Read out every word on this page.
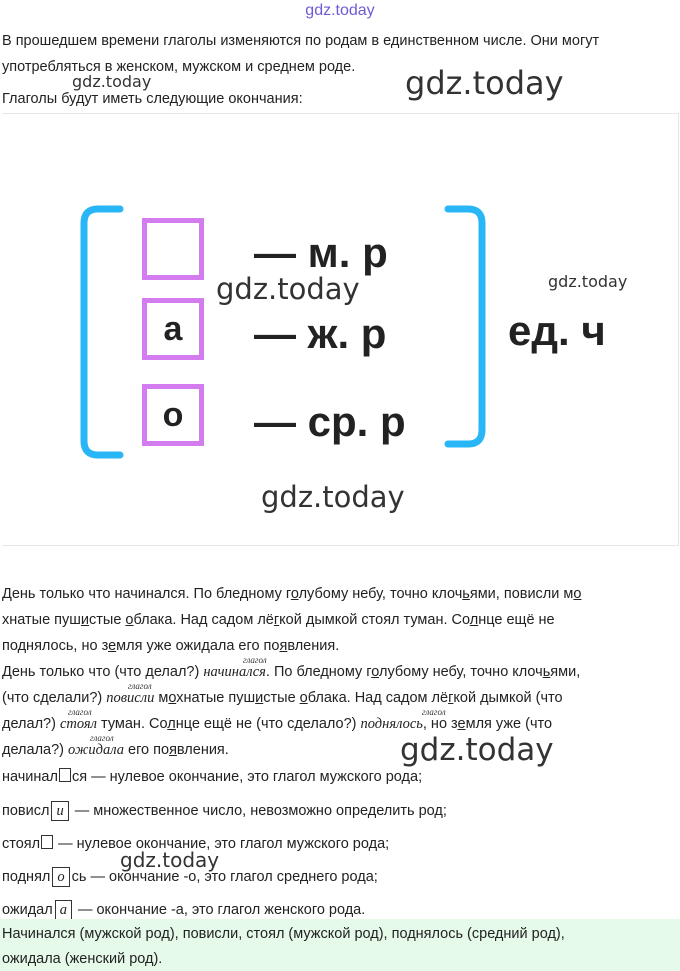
gdz.today
В прошедшем времени глаголы изменяются по родам в единственном числе. Они могут
употребляться в женском, мужском и среднем роде.
Глаголы будут иметь следующие окончания:
gdz.today	gdz.today
— м. р
а	— ж. р
о	— ср. р
ед. ч
gdz.today	gdz.today
gdz.today
День только что начинался. По бледному голубому небу, точно клочьями, повисли мо
хнатые пушистые облака. Над садом лёгкой дымкой стоял туман. Солнце ещё не
поднялось, но земля уже ожидала его появления.
День только что (что делал?) начинался. По бледному голубому небу, точно клочьями,
глагол
(что сделали?) повисли мохнатые пушистые облака. Над садом лёгкой дымкой (что
глагол
делал?) стоял туман. Солнце ещё не (что сделало?) поднялось, но земля уже (что
глагол	глагол
делала?) ожидала его появления.
глагол	gdz.today
начинал ся — нулевое окончание, это глагол мужского рода;
повисл и — множественное число, невозможно определить род;
стоял — нулевое окончание, это глагол мужского рода;
gdz.today
поднял о сь — окончание -о, это глагол среднего рода;
ожидал а — окончание -а, это глагол женского рода.
Начинался (мужской род), повисли, стоял (мужской род), поднялось (средний род),
ожидала (женский род).
